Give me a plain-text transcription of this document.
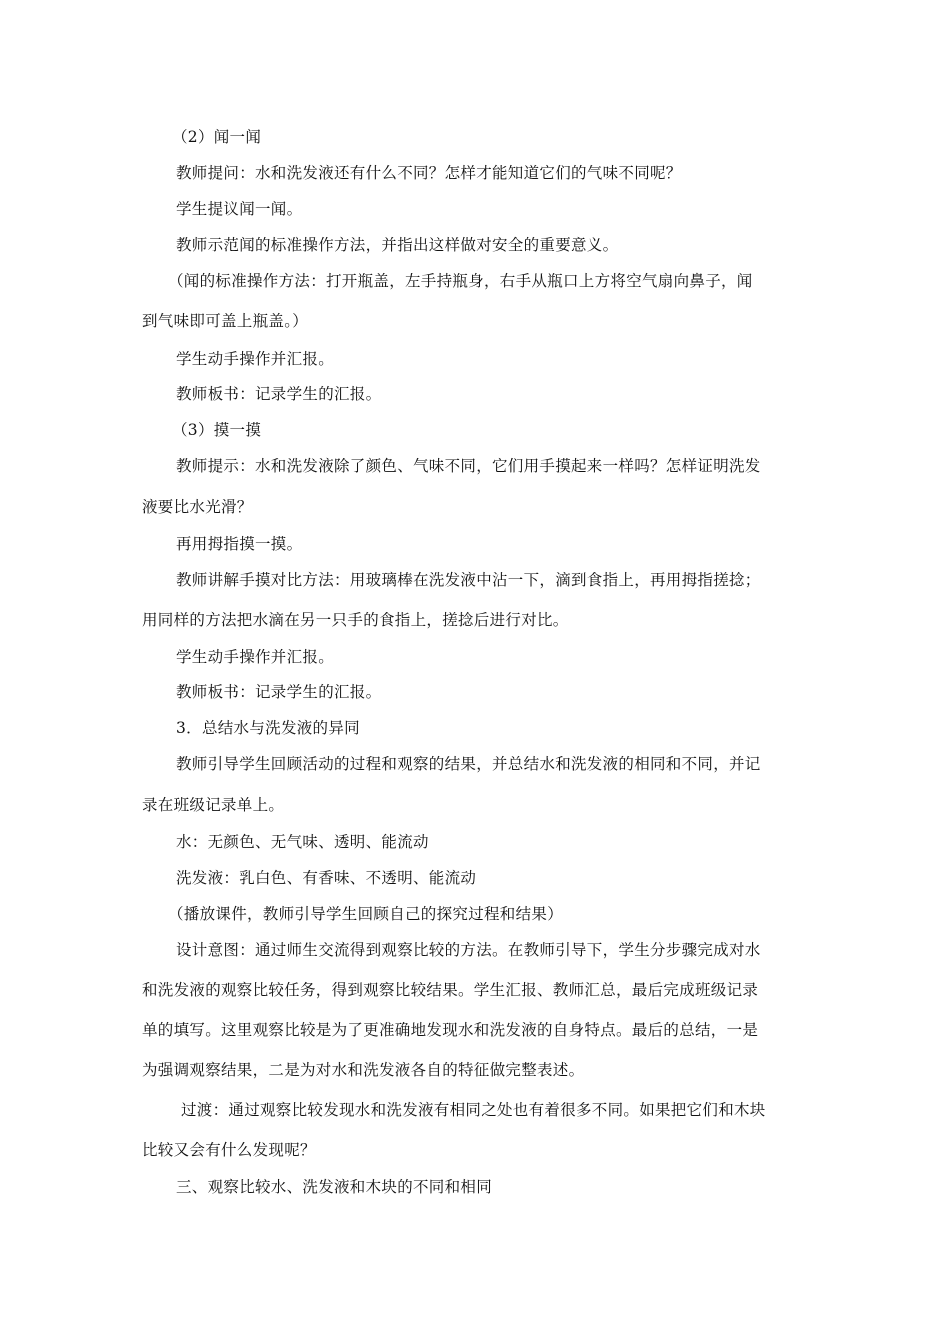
（2）闻一闻
教师提问：水和洗发液还有什么不同？怎样才能知道它们的气味不同呢？
学生提议闻一闻。
教师示范闻的标准操作方法，并指出这样做对安全的重要意义。
（闻的标准操作方法：打开瓶盖，左手持瓶身，右手从瓶口上方将空气扇向鼻子，闻
到气味即可盖上瓶盖。）
学生动手操作并汇报。
教师板书：记录学生的汇报。
（3）摸一摸
教师提示：水和洗发液除了颜色、气味不同，它们用手摸起来一样吗？怎样证明洗发
液要比水光滑？
再用拇指摸一摸。
教师讲解手摸对比方法：用玻璃棒在洗发液中沾一下，滴到食指上，再用拇指搓捻；
用同样的方法把水滴在另一只手的食指上，搓捻后进行对比。
学生动手操作并汇报。
教师板书：记录学生的汇报。
3．总结水与洗发液的异同
教师引导学生回顾活动的过程和观察的结果，并总结水和洗发液的相同和不同，并记
录在班级记录单上。
水：无颜色、无气味、透明、能流动
洗发液：乳白色、有香味、不透明、能流动
（播放课件，教师引导学生回顾自己的探究过程和结果）
设计意图：通过师生交流得到观察比较的方法。在教师引导下，学生分步骤完成对水
和洗发液的观察比较任务，得到观察比较结果。学生汇报、教师汇总，最后完成班级记录
单的填写。这里观察比较是为了更准确地发现水和洗发液的自身特点。最后的总结，一是
为强调观察结果，二是为对水和洗发液各自的特征做完整表述。
过渡：通过观察比较发现水和洗发液有相同之处也有着很多不同。如果把它们和木块
比较又会有什么发现呢？
三、观察比较水、洗发液和木块的不同和相同
